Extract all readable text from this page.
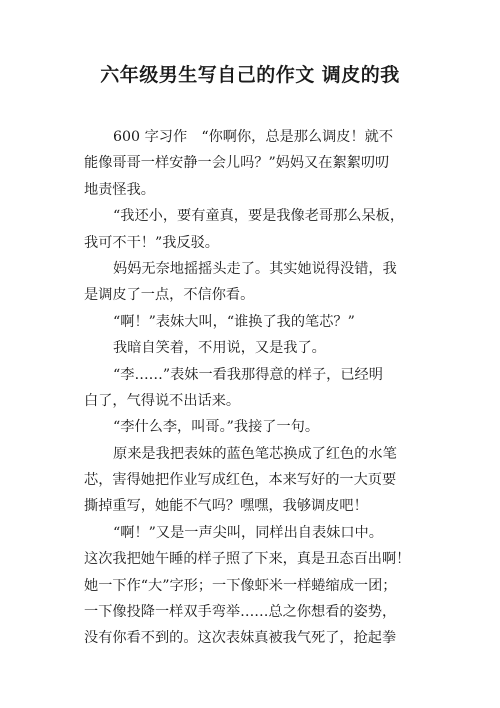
六年级男生写自己的作文 调皮的我
600 字习作　“你啊你，总是那么调皮！就不
能像哥哥一样安静一会儿吗？”妈妈又在絮絮叨叨
地责怪我。
“我还小，要有童真，要是我像老哥那么呆板，
我可不干！”我反驳。
妈妈无奈地摇摇头走了。其实她说得没错，我
是调皮了一点，不信你看。
“啊！”表妹大叫，“谁换了我的笔芯？”
我暗自笑着，不用说，又是我了。
“李……”表妹一看我那得意的样子，已经明
白了，气得说不出话来。
“李什么李，叫哥。”我接了一句。
原来是我把表妹的蓝色笔芯换成了红色的水笔
芯，害得她把作业写成红色，本来写好的一大页要
撕掉重写，她能不气吗？嘿嘿，我够调皮吧！
“啊！”又是一声尖叫，同样出自表妹口中。
这次我把她午睡的样子照了下来，真是丑态百出啊！
她一下作“大”字形；一下像虾米一样蜷缩成一团；
一下像投降一样双手弯举……总之你想看的姿势，
没有你看不到的。这次表妹真被我气死了，抢起拳
